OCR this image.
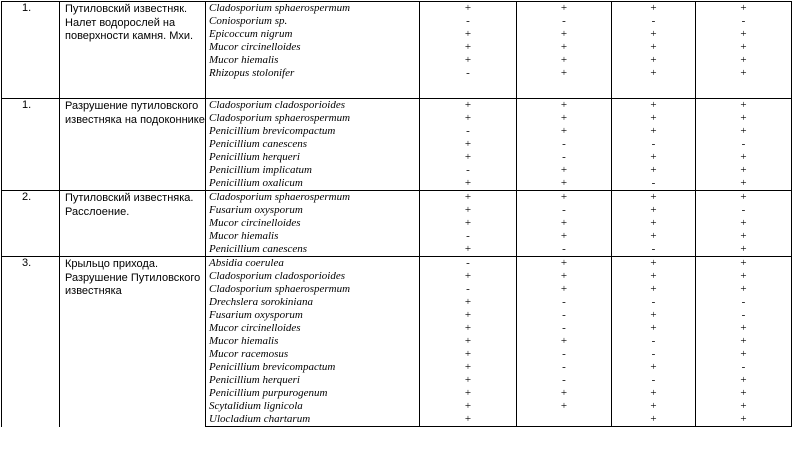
1.	Путиловский известняк. Налет водорослей на поверхности камня. Мхи.	Cladosporium sphaerospermum	+	+	+	+
		Coniosporium sp.	-	-	-	-
		Epicoccum nigrum	+	+	+	+
		Mucor circinelloides	+	+	+	+
		Mucor hiemalis	+	+	+	+
		Rhizopus stolonifer	-	+	+	+

1.	Разрушение путиловского известняка на подоконнике	Cladosporium cladosporioides	+	+	+	+
		Cladosporium sphaerospermum	+	+	+	+
		Penicillium brevicompactum	-	+	+	+
		Penicillium canescens	+	-	-	-
		Penicillium herqueri	+	-	+	+
		Penicillium implicatum	-	+	+	+
		Penicillium oxalicum	+	+	-	+
2.	Путиловский известняка. Расслоение.	Cladosporium sphaerospermum	+	+	+	+
		Fusarium oxysporum	+	-	+	-
		Mucor circinelloides	+	+	+	+
		Mucor hiemalis	-	+	+	+
		Penicillium canescens	+	-	-	+
3.	Крыльцо прихода. Разрушение Путиловского известняка	Absidia coerulea	-	+	+	+
		Cladosporium cladosporioides	+	+	+	+
		Cladosporium sphaerospermum	-	+	+	+
		Drechslera sorokiniana	+	-	-	-
		Fusarium oxysporum	+	-	+	-
		Mucor circinelloides	+	-	+	+
		Mucor hiemalis	+	+	-	+
		Mucor racemosus	+	-	-	+
		Penicillium brevicompactum	+	-	+	-
		Penicillium herqueri	+	-	-	+
		Penicillium purpurogenum	+	+	+	+
		Scytalidium lignicola	+	+	+	+
		Ulocladium chartarum	+		+	+
